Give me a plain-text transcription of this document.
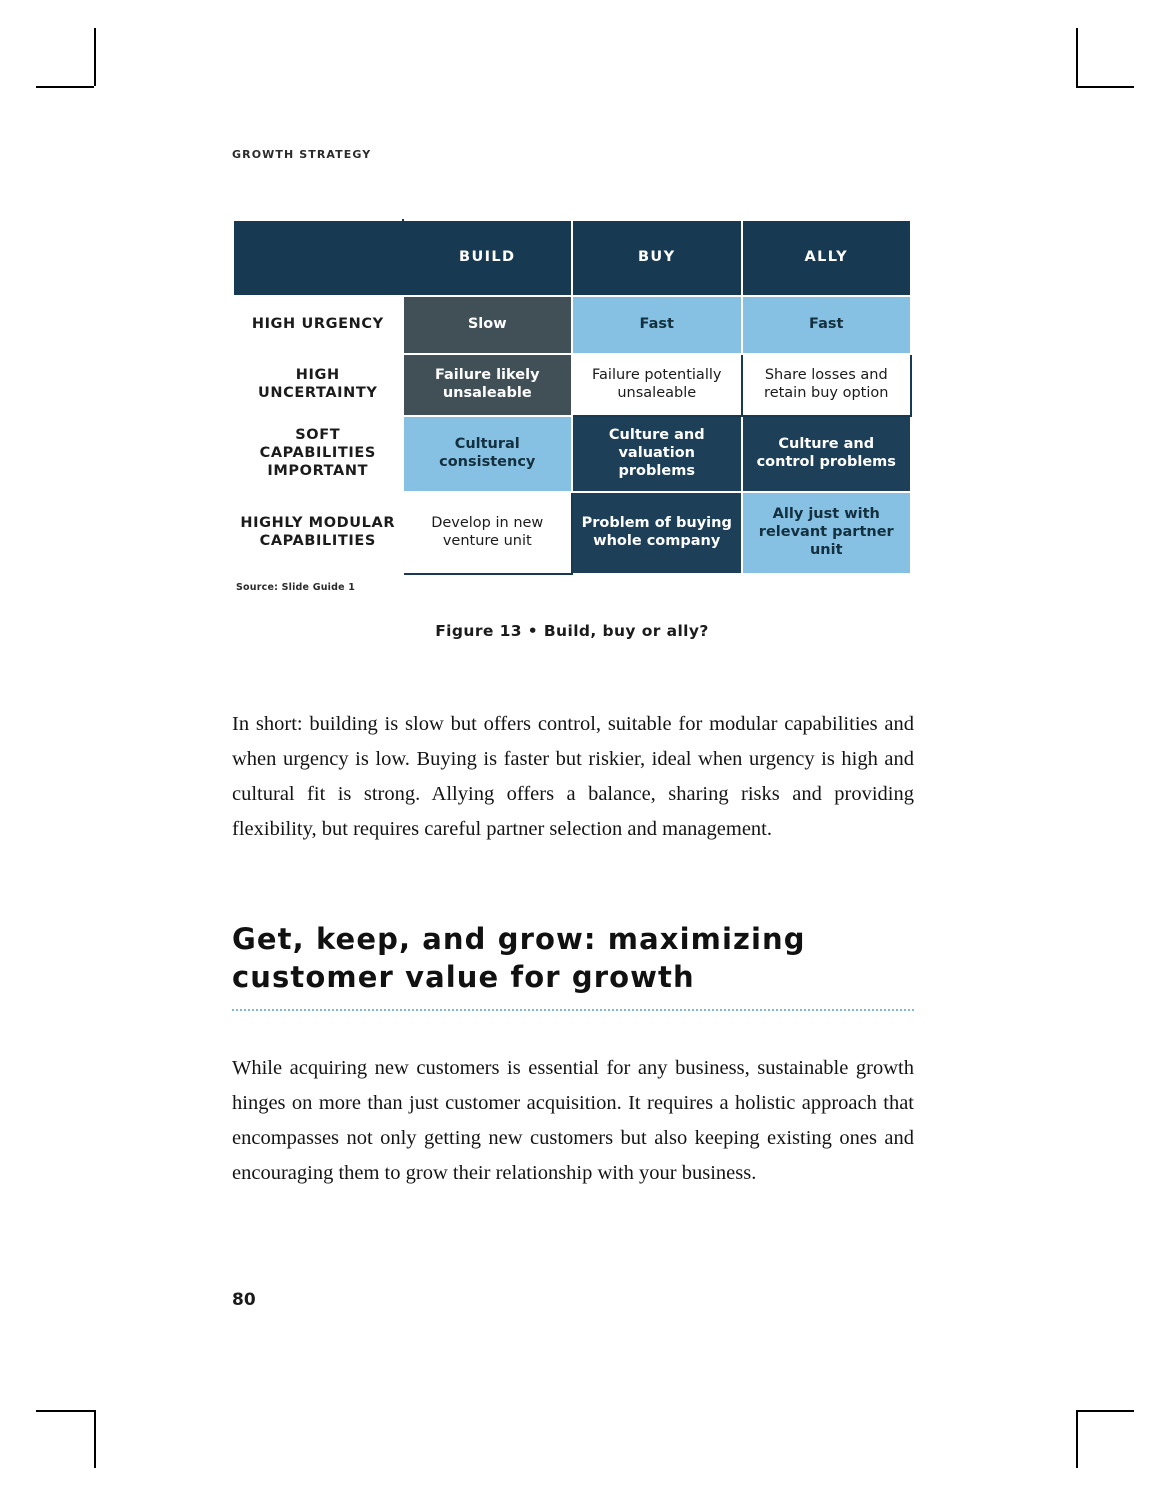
GROWTH STRATEGY
	BUILD	BUY	ALLY
HIGH URGENCY	Slow	Fast	Fast
HIGH UNCERTAINTY	Failure likely unsaleable	Failure potentially unsaleable	Share losses and retain buy option
SOFT CAPABILITIES IMPORTANT	Cultural consistency	Culture and valuation problems	Culture and control problems
HIGHLY MODULAR CAPABILITIES	Develop in new venture unit	Problem of buying whole company	Ally just with relevant partner unit
Source: Slide Guide 1
Figure 13 • Build, buy or ally?

In short: building is slow but offers control, suitable for modular capabilities and when urgency is low. Buying is faster but riskier, ideal when urgency is high and cultural fit is strong. Allying offers a balance, sharing risks and providing flexibility, but requires careful partner selection and management.

Get, keep, and grow: maximizing customer value for growth

While acquiring new customers is essential for any business, sustainable growth hinges on more than just customer acquisition. It requires a holistic approach that encompasses not only getting new customers but also keeping existing ones and encouraging them to grow their relationship with your business.

80
